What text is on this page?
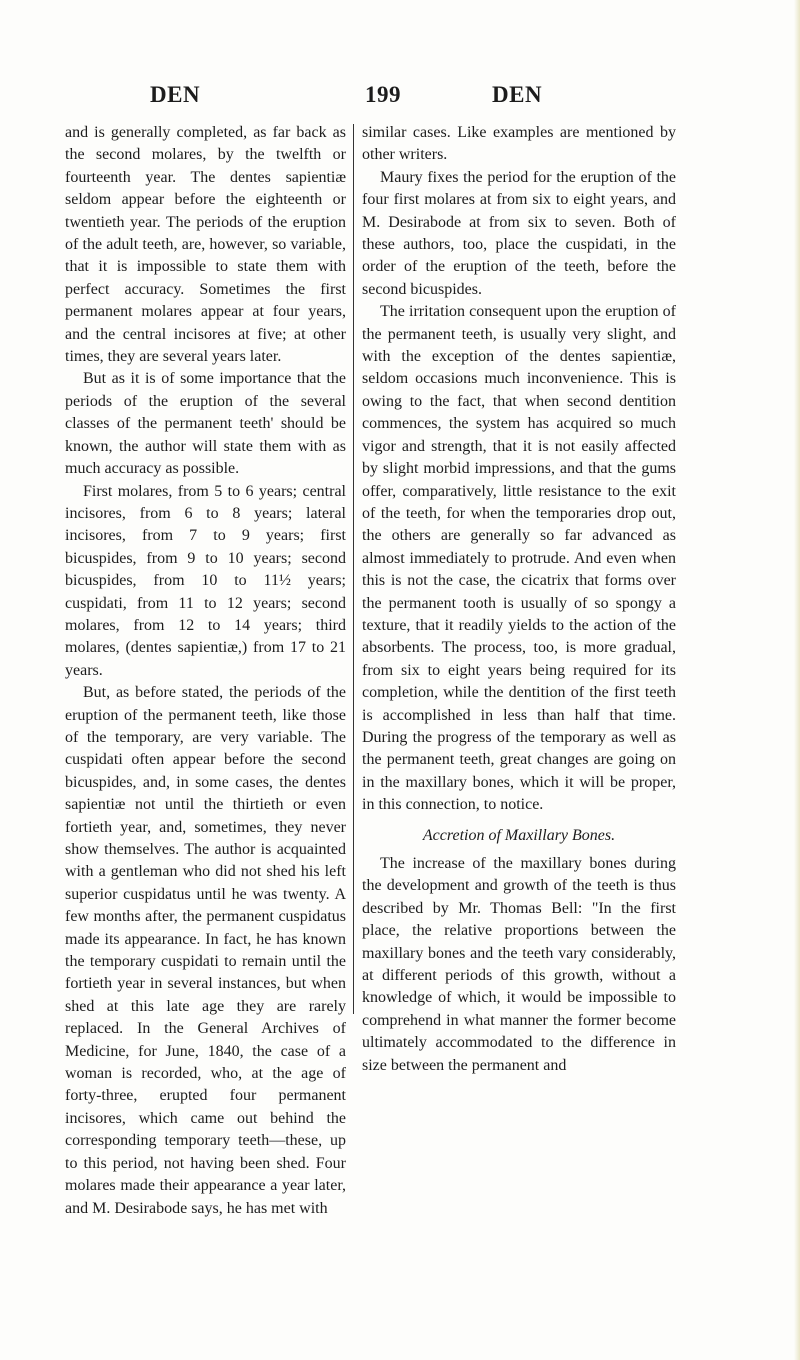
DEN	199	DEN

and is generally completed, as far back as the second molares, by the twelfth or fourteenth year. The dentes sapientiæ seldom appear before the eighteenth or twentieth year. The periods of the eruption of the adult teeth, are, however, so variable, that it is impossible to state them with perfect accuracy. Sometimes the first permanent molares appear at four years, and the central incisores at five; at other times, they are several years later.

But as it is of some importance that the periods of the eruption of the several classes of the permanent teeth' should be known, the author will state them with as much accuracy as possible.

First molares, from 5 to 6 years; central incisores, from 6 to 8 years; lateral incisores, from 7 to 9 years; first bicuspides, from 9 to 10 years; second bicuspides, from 10 to 11½ years; cuspidati, from 11 to 12 years; second molares, from 12 to 14 years; third molares, (dentes sapientiæ,) from 17 to 21 years.

But, as before stated, the periods of the eruption of the permanent teeth, like those of the temporary, are very variable. The cuspidati often appear before the second bicuspides, and, in some cases, the dentes sapientiæ not until the thirtieth or even fortieth year, and, sometimes, they never show themselves. The author is acquainted with a gentleman who did not shed his left superior cuspidatus until he was twenty. A few months after, the permanent cuspidatus made its appearance. In fact, he has known the temporary cuspidati to remain until the fortieth year in several instances, but when shed at this late age they are rarely replaced. In the General Archives of Medicine, for June, 1840, the case of a woman is recorded, who, at the age of forty-three, erupted four permanent incisores, which came out behind the corresponding temporary teeth—these, up to this period, not having been shed. Four molares made their appearance a year later, and M. Desirabode says, he has met with

similar cases. Like examples are mentioned by other writers.

Maury fixes the period for the eruption of the four first molares at from six to eight years, and M. Desirabode at from six to seven. Both of these authors, too, place the cuspidati, in the order of the eruption of the teeth, before the second bicuspides.

The irritation consequent upon the eruption of the permanent teeth, is usually very slight, and with the exception of the dentes sapientiæ, seldom occasions much inconvenience. This is owing to the fact, that when second dentition commences, the system has acquired so much vigor and strength, that it is not easily affected by slight morbid impressions, and that the gums offer, comparatively, little resistance to the exit of the teeth, for when the temporaries drop out, the others are generally so far advanced as almost immediately to protrude. And even when this is not the case, the cicatrix that forms over the permanent tooth is usually of so spongy a texture, that it readily yields to the action of the absorbents. The process, too, is more gradual, from six to eight years being required for its completion, while the dentition of the first teeth is accomplished in less than half that time. During the progress of the temporary as well as the permanent teeth, great changes are going on in the maxillary bones, which it will be proper, in this connection, to notice.

Accretion of Maxillary Bones.

The increase of the maxillary bones during the development and growth of the teeth is thus described by Mr. Thomas Bell: "In the first place, the relative proportions between the maxillary bones and the teeth vary considerably, at different periods of this growth, without a knowledge of which, it would be impossible to comprehend in what manner the former become ultimately accommodated to the difference in size between the permanent and
